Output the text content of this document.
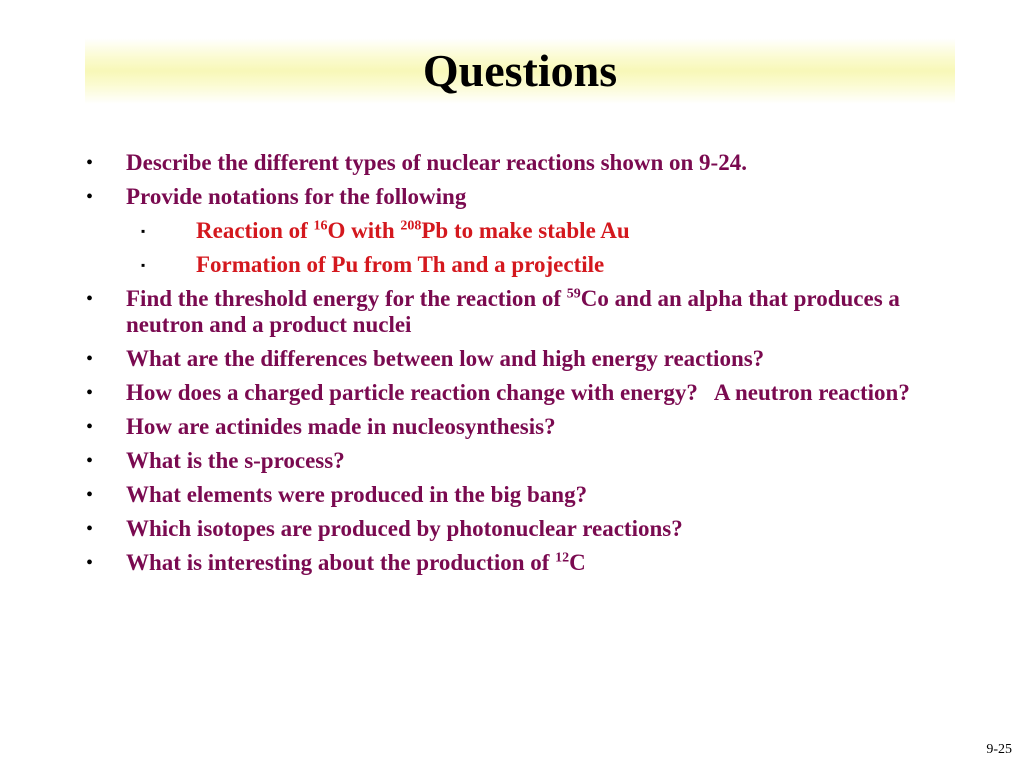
Questions
• Describe the different types of nuclear reactions shown on 9-24.
• Provide notations for the following
▪ Reaction of $^{16}$O with $^{208}$Pb to make stable Au
▪ Formation of Pu from Th and a projectile
• Find the threshold energy for the reaction of $^{59}$Co and an alpha that produces a neutron and a product nuclei
• What are the differences between low and high energy reactions?
• How does a charged particle reaction change with energy?   A neutron reaction?
• How are actinides made in nucleosynthesis?
• What is the s-process?
• What elements were produced in the big bang?
• Which isotopes are produced by photonuclear reactions?
• What is interesting about the production of $^{12}$C
9-25
